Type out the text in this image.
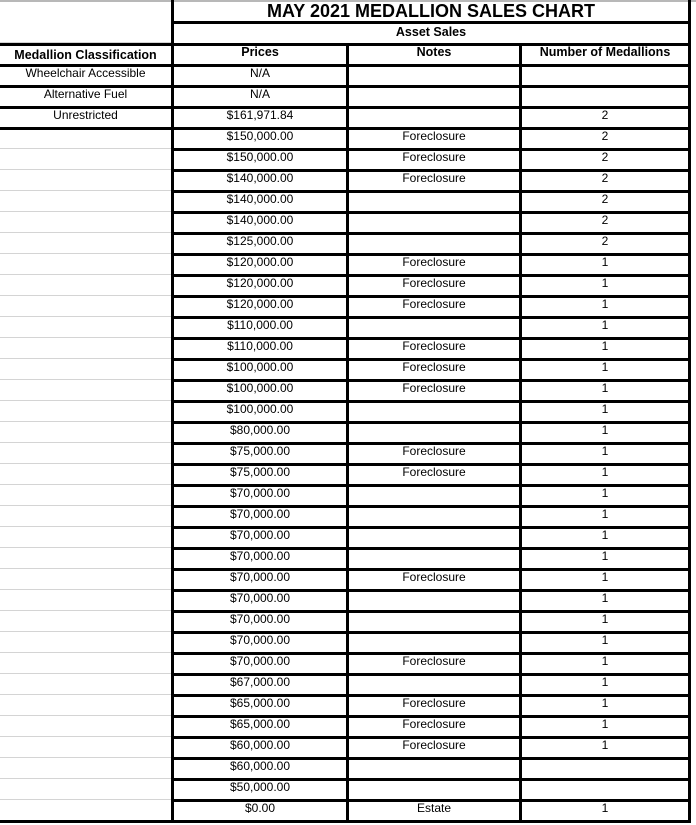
MAY 2021 MEDALLION SALES CHART
Asset Sales
Medallion Classification	Prices	Notes	Number of Medallions
Wheelchair Accessible	N/A
Alternative Fuel	N/A
Unrestricted	$161,971.84	2
$150,000.00	Foreclosure	2
$150,000.00	Foreclosure	2
$140,000.00	Foreclosure	2
$140,000.00	2
$140,000.00	2
$125,000.00	2
$120,000.00	Foreclosure	1
$120,000.00	Foreclosure	1
$120,000.00	Foreclosure	1
$110,000.00	1
$110,000.00	Foreclosure	1
$100,000.00	Foreclosure	1
$100,000.00	Foreclosure	1
$100,000.00	1
$80,000.00	1
$75,000.00	Foreclosure	1
$75,000.00	Foreclosure	1
$70,000.00	1
$70,000.00	1
$70,000.00	1
$70,000.00	1
$70,000.00	Foreclosure	1
$70,000.00	1
$70,000.00	1
$70,000.00	1
$70,000.00	Foreclosure	1
$67,000.00	1
$65,000.00	Foreclosure	1
$65,000.00	Foreclosure	1
$60,000.00	Foreclosure	1
$60,000.00
$50,000.00
$0.00	Estate	1
